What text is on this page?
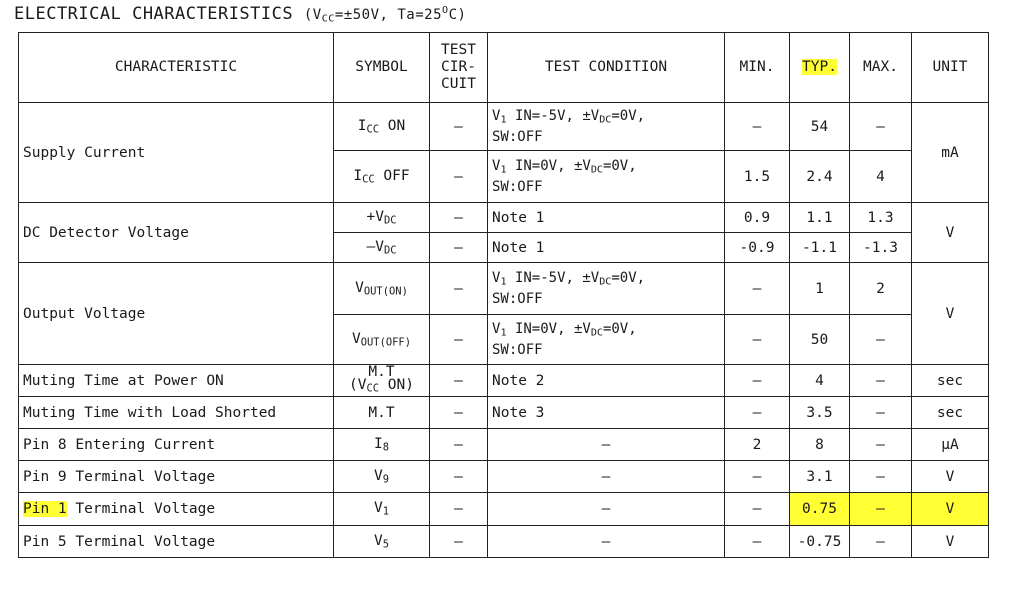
ELECTRICAL CHARACTERISTICS ($V_{CC}=\pm 50V$, $Ta=25^OC$)
CHARACTERISTIC	SYMBOL	TEST
CIR-
CUIT	TEST CONDITION	MIN.	TYP.	MAX.	UNIT
Supply Current	$I_{CC}$ ON	–	$V_1$ IN=-5V, $\pm V_{DC}=0V$,
SW:OFF	–	54	–	mA
	$I_{CC}$ OFF	–	$V_1$ IN=0V, $\pm V_{DC}=0V$,
SW:OFF	1.5	2.4	4	
DC Detector Voltage	$+V_{DC}$	–	Note 1	0.9	1.1	1.3	V
	$-V_{DC}$	–	Note 1	-0.9	-1.1	-1.3	
Output Voltage	$V_{OUT(ON)}$	–	$V_1$ IN=-5V, $\pm V_{DC}=0V$,
SW:OFF	–	1	2	V
	$V_{OUT(OFF)}$	–	$V_1$ IN=0V, $\pm V_{DC}=0V$,
SW:OFF	–	50	–	
Muting Time at Power ON	M.T
($V_{CC}$ ON)	–	Note 2	–	4	–	sec
Muting Time with Load Shorted	M.T	–	Note 3	–	3.5	–	sec
Pin 8 Entering Current	$I_8$	–	–	2	8	–	μA
Pin 9 Terminal Voltage	$V_9$	–	–	–	3.1	–	V
Pin 1 Terminal Voltage	$V_1$	–	–	–	0.75	–	V
Pin 5 Terminal Voltage	$V_5$	–	–	–	-0.75	–	V
